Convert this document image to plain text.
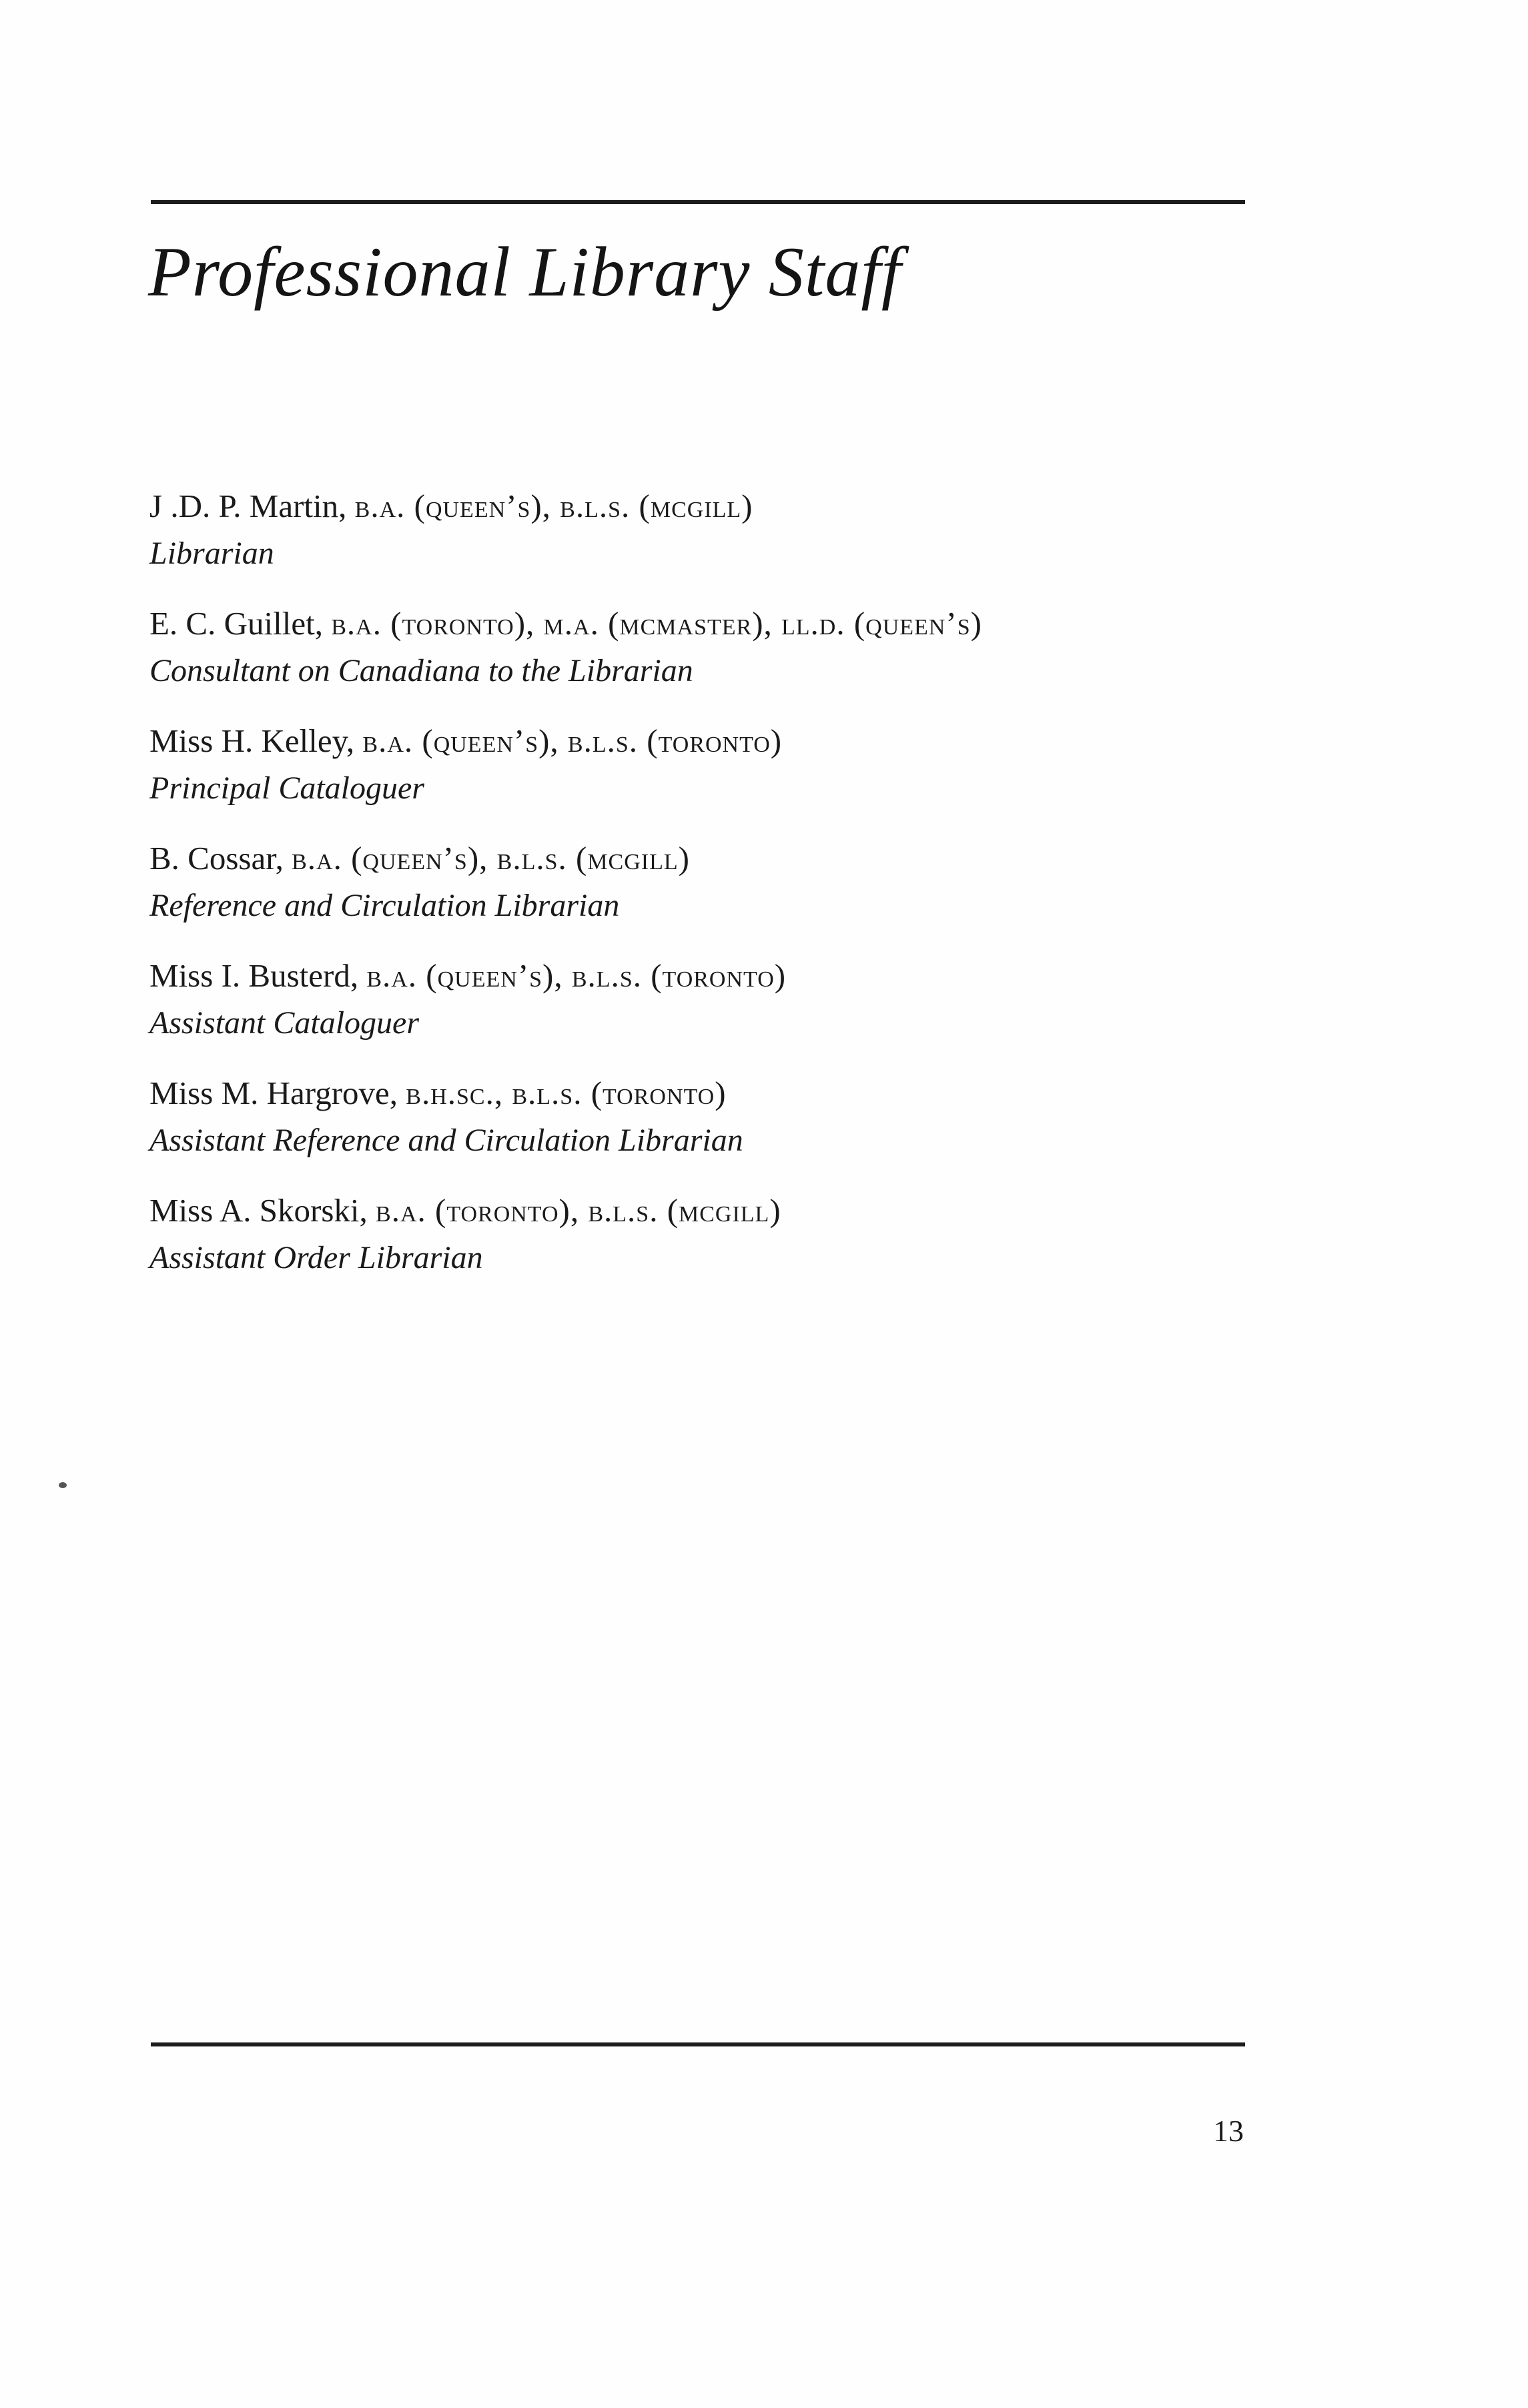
Professional Library Staff
J .D. P. Martin, b.a. (queen’s), b.l.s. (mcgill)
Librarian
E. C. Guillet, b.a. (toronto), m.a. (mcmaster), ll.d. (queen’s)
Consultant on Canadiana to the Librarian
Miss H. Kelley, b.a. (queen’s), b.l.s. (toronto)
Principal Cataloguer
B. Cossar, b.a. (queen’s), b.l.s. (mcgill)
Reference and Circulation Librarian
Miss I. Busterd, b.a. (queen’s), b.l.s. (toronto)
Assistant Cataloguer
Miss M. Hargrove, b.h.sc., b.l.s. (toronto)
Assistant Reference and Circulation Librarian
Miss A. Skorski, b.a. (toronto), b.l.s. (mcgill)
Assistant Order Librarian
13
